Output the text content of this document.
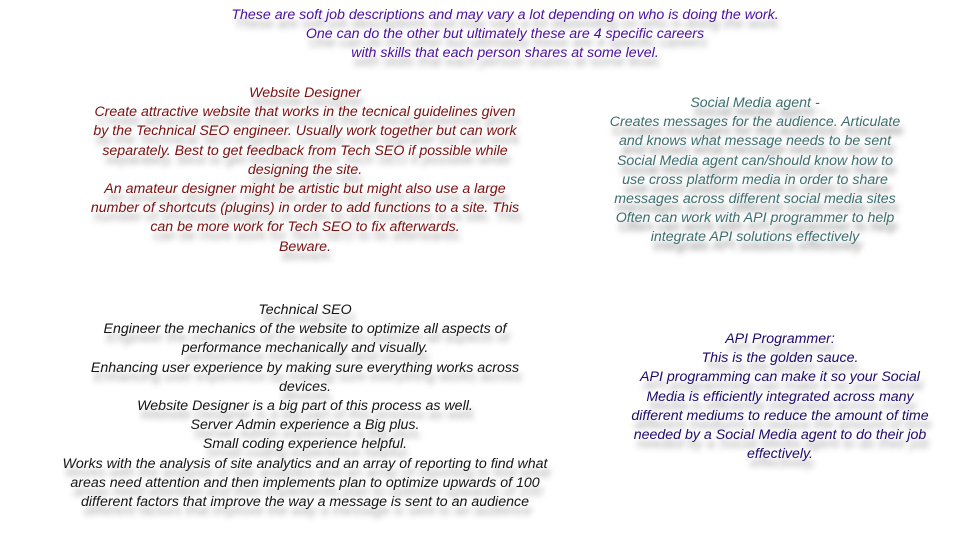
These are soft job descriptions and may vary a lot depending on who is doing the work.
One can do the other but ultimately these are 4 specific careers
with skills that each person shares at some level.
Website Designer
Create attractive website that works in the tecnical guidelines given
by the Technical SEO engineer. Usually work together but can work
separately. Best to get feedback from Tech SEO if possible while
designing the site.
An amateur designer might be artistic but might also use a large
number of shortcuts (plugins) in order to add functions to a site. This
can be more work for Tech SEO to fix afterwards.
Beware.
Social Media agent -
Creates messages for the audience. Articulate
and knows what message needs to be sent
Social Media agent can/should know how to
use cross platform media in order to share
messages across different social media sites
Often can work with API programmer to help
integrate API solutions effectively
Technical SEO
Engineer the mechanics of the website to optimize all aspects of
performance mechanically and visually.
Enhancing user experience by making sure everything works across
devices.
Website Designer is a big part of this process as well.
Server Admin experience a Big plus.
Small coding experience helpful.
Works with the analysis of site analytics and an array of reporting to find what
areas need attention and then implements plan to optimize upwards of 100
different factors that improve the way a message is sent to an audience
API Programmer:
This is the golden sauce.
API programming can make it so your Social
Media is efficiently integrated across many
different mediums to reduce the amount of time
needed by a Social Media agent to do their job
effectively.
